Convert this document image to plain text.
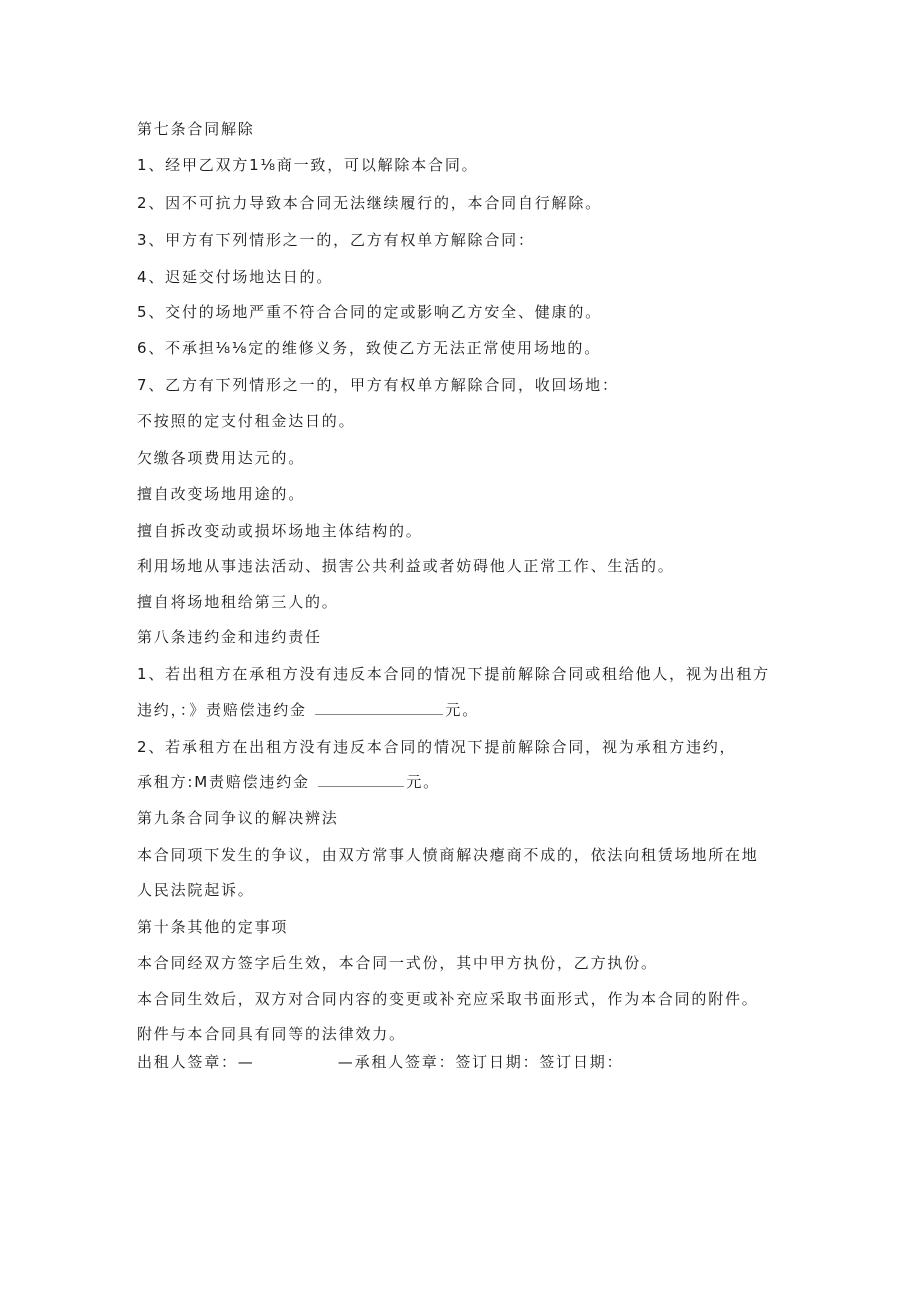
第七条合同解除
1、经甲乙双方1⅛商一致，可以解除本合同。
2、因不可抗力导致本合同无法继续履行的，本合同自行解除。
3、甲方有下列情形之一的，乙方有权单方解除合同：
4、迟延交付场地达日的。
5、交付的场地严重不符合合同的定或影响乙方安全、健康的。
6、不承担⅛⅛定的维修义务，致使乙方无法正常使用场地的。
7、乙方有下列情形之一的，甲方有权单方解除合同，收回场地：
不按照的定支付租金达日的。
欠缴各项费用达元的。
擅自改变场地用途的。
擅自拆改变动或损坏场地主体结构的。
利用场地从事违法活动、损害公共利益或者妨碍他人正常工作、生活的。
擅自将场地租给第三人的。
第八条违约金和违约责任
1、若出租方在承租方没有违反本合同的情况下提前解除合同或租给他人，视为出租方
违约，：》责赔偿违约金	元。
2、若承租方在出租方没有违反本合同的情况下提前解除合同，视为承租方违约，
承租方:M责赔偿违约金	元。
第九条合同争议的解决辨法
本合同项下发生的争议，由双方常事人愤商解决瘪商不成的，依法向租赁场地所在地
人民法院起诉。
第十条其他的定事项
本合同经双方签字后生效，本合同一式份，其中甲方执份，乙方执份。
本合同生效后，双方对合同内容的变更或补充应采取书面形式，作为本合同的附件。
附件与本合同具有同等的法律效力。
出租人签章：—	—承租人签章：签订日期：签订日期：
